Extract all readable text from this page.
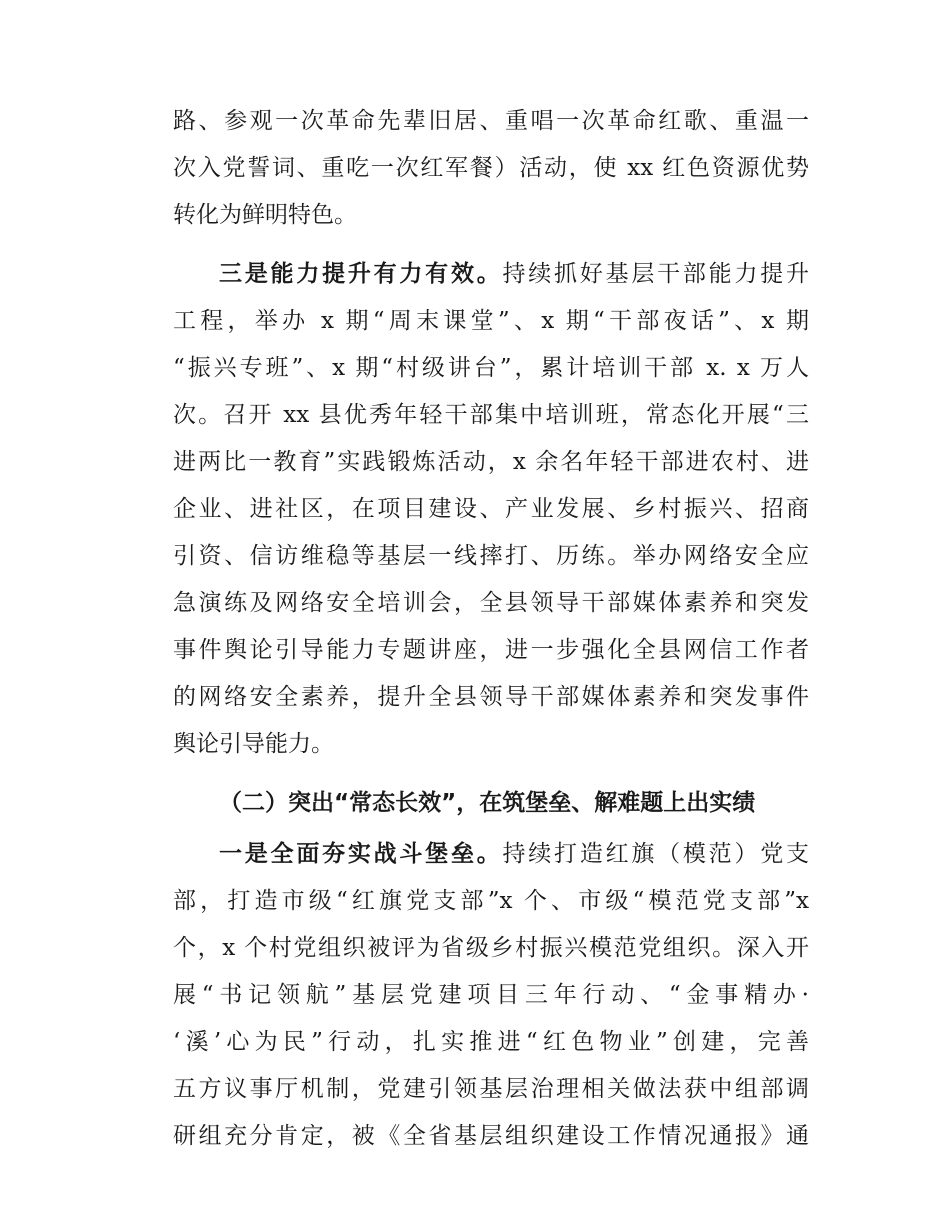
路、参观一次革命先辈旧居、重唱一次革命红歌、重温一
次入党誓词、重吃一次红军餐）活动，使 xx 红色资源优势
转化为鲜明特色。
三是能力提升有力有效。持续抓好基层干部能力提升
工程，举办 x 期“周末课堂”、x 期“干部夜话”、x 期
“振兴专班”、x 期“村级讲台”，累计培训干部 x. x 万人
次。召开 xx 县优秀年轻干部集中培训班，常态化开展“三
进两比一教育”实践锻炼活动，x 余名年轻干部进农村、进
企业、进社区，在项目建设、产业发展、乡村振兴、招商
引资、信访维稳等基层一线摔打、历练。举办网络安全应
急演练及网络安全培训会，全县领导干部媒体素养和突发
事件舆论引导能力专题讲座，进一步强化全县网信工作者
的网络安全素养，提升全县领导干部媒体素养和突发事件
舆论引导能力。
（二）突出“常态长效”，在筑堡垒、解难题上出实绩
一是全面夯实战斗堡垒。持续打造红旗（模范）党支
部，打造市级“红旗党支部”x 个、市级“模范党支部”x
个，x 个村党组织被评为省级乡村振兴模范党组织。深入开
展“书记领航”基层党建项目三年行动、“金事精办·
‘溪’心为民”行动，扎实推进“红色物业”创建，完善
五方议事厅机制，党建引领基层治理相关做法获中组部调
研组充分肯定，被《全省基层组织建设工作情况通报》通
